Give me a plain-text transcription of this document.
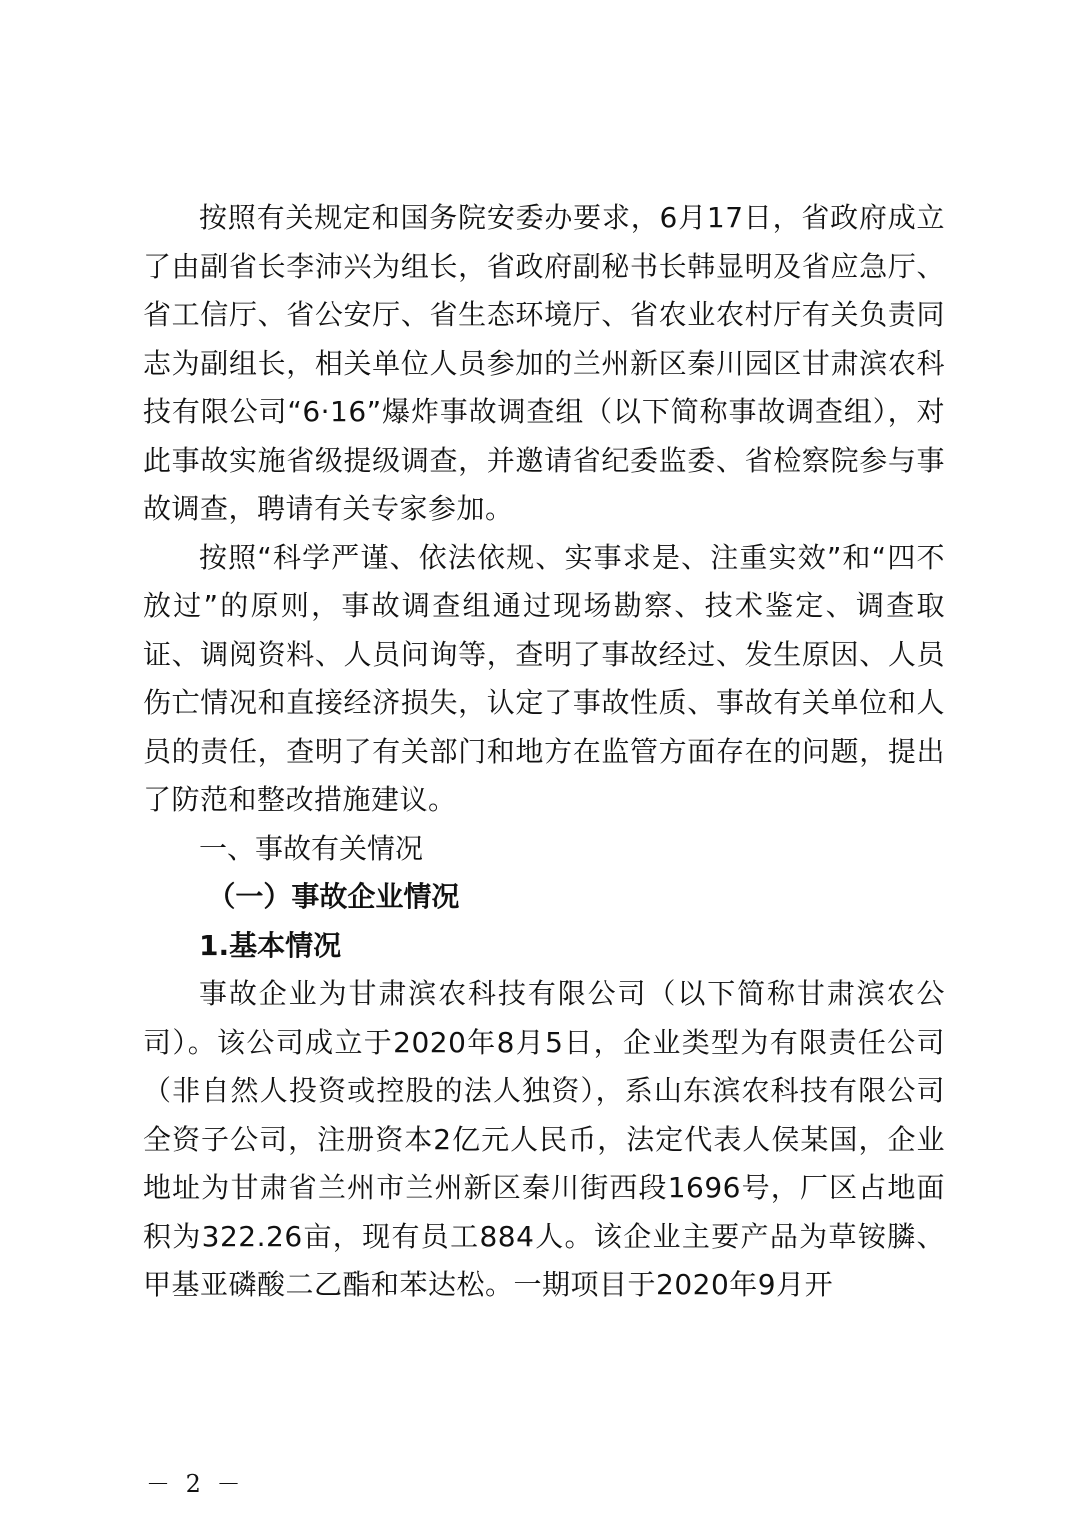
按照有关规定和国务院安委办要求，6月17日，省政府成立了由副省长李沛兴为组长，省政府副秘书长韩显明及省应急厅、省工信厅、省公安厅、省生态环境厅、省农业农村厅有关负责同志为副组长，相关单位人员参加的兰州新区秦川园区甘肃滨农科技有限公司“6·16”爆炸事故调查组（以下简称事故调查组），对此事故实施省级提级调查，并邀请省纪委监委、省检察院参与事故调查，聘请有关专家参加。

按照“科学严谨、依法依规、实事求是、注重实效”和“四不放过”的原则，事故调查组通过现场勘察、技术鉴定、调查取证、调阅资料、人员问询等，查明了事故经过、发生原因、人员伤亡情况和直接经济损失，认定了事故性质、事故有关单位和人员的责任，查明了有关部门和地方在监管方面存在的问题，提出了防范和整改措施建议。

一、事故有关情况

（一）事故企业情况

1.基本情况

事故企业为甘肃滨农科技有限公司（以下简称甘肃滨农公司）。该公司成立于2020年8月5日，企业类型为有限责任公司（非自然人投资或控股的法人独资），系山东滨农科技有限公司全资子公司，注册资本2亿元人民币，法定代表人侯某国，企业地址为甘肃省兰州市兰州新区秦川街西段1696号，厂区占地面积为322.26亩，现有员工884人。该企业主要产品为草铵膦、甲基亚磷酸二乙酯和苯达松。一期项目于2020年9月开

－ 2 －
